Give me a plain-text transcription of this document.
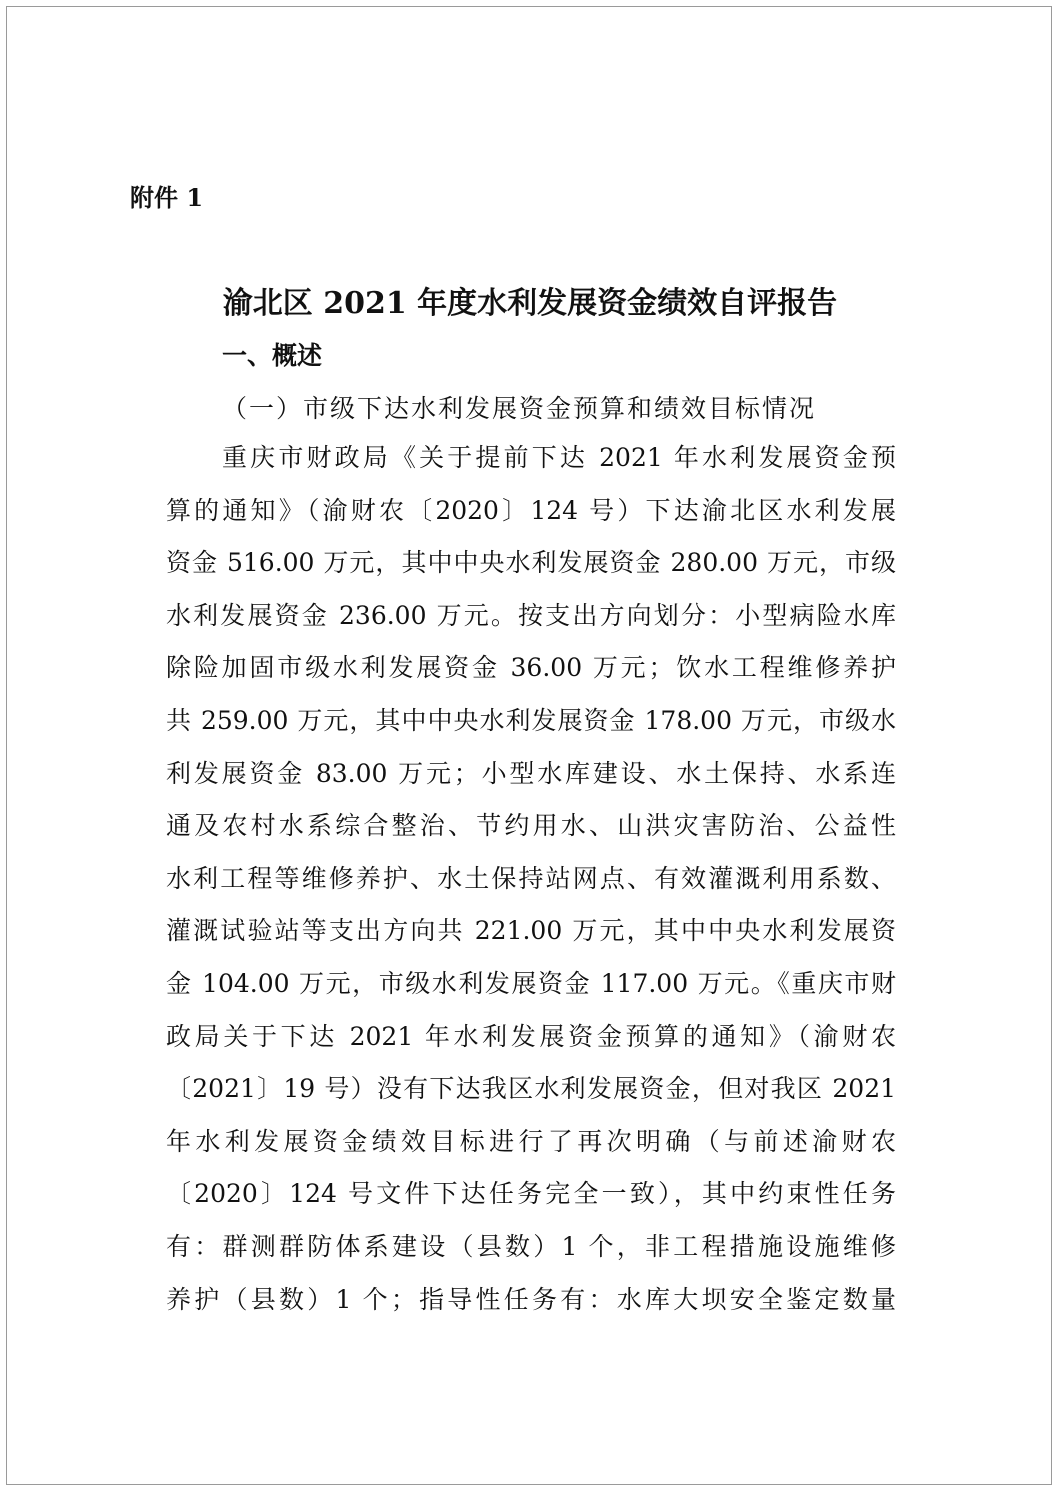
附件 1
渝北区 2021 年度水利发展资金绩效自评报告
一、概述
（一）市级下达水利发展资金预算和绩效目标情况
重庆市财政局《关于提前下达 2021 年水利发展资金预
算的通知》（渝财农〔2020〕124 号）下达渝北区水利发展
资金 516.00 万元，其中中央水利发展资金 280.00 万元，市级
水利发展资金 236.00 万元。按支出方向划分：小型病险水库
除险加固市级水利发展资金 36.00 万元；饮水工程维修养护
共 259.00 万元，其中中央水利发展资金 178.00 万元，市级水
利发展资金 83.00 万元；小型水库建设、水土保持、水系连
通及农村水系综合整治、节约用水、山洪灾害防治、公益性
水利工程等维修养护、水土保持站网点、有效灌溉利用系数、
灌溉试验站等支出方向共 221.00 万元，其中中央水利发展资
金 104.00 万元，市级水利发展资金 117.00 万元。《重庆市财
政局关于下达 2021 年水利发展资金预算的通知》（渝财农
〔2021〕19 号）没有下达我区水利发展资金，但对我区 2021
年水利发展资金绩效目标进行了再次明确（与前述渝财农
〔2020〕124 号文件下达任务完全一致），其中约束性任务
有：群测群防体系建设（县数）1 个，非工程措施设施维修
养护（县数）1 个；指导性任务有：水库大坝安全鉴定数量
